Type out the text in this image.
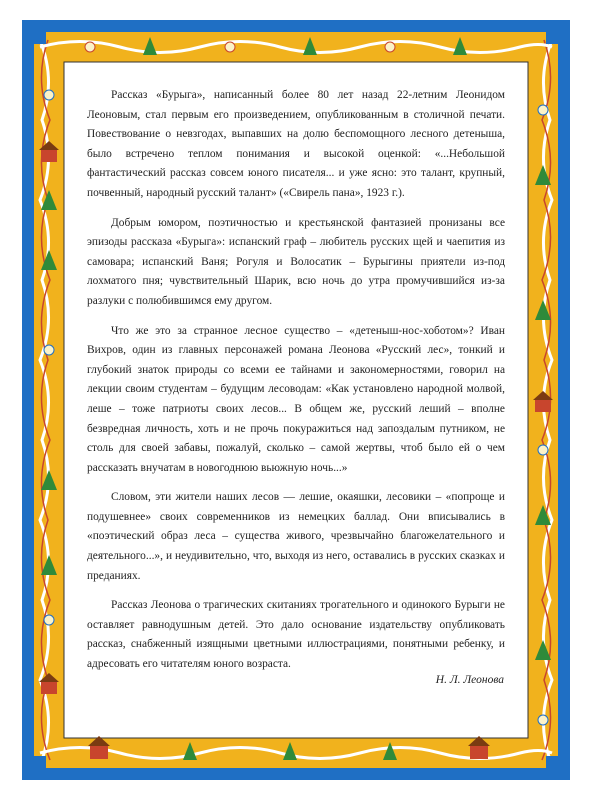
Рассказ «Бурыга», написанный более 80 лет назад 22-летним Леонидом Леоновым, стал первым его произведением, опубликованным в столичной печати. Повествование о невзгодах, выпавших на долю беспомощного лесного детеныша, было встречено теплом понимания и высокой оценкой: «...Небольшой фантастический рассказ совсем юного писателя... и уже ясно: это талант, крупный, почвенный, народный русский талант» («Свирель пана», 1923 г.).

Добрым юмором, поэтичностью и крестьянской фантазией пронизаны все эпизоды рассказа «Бурыга»: испанский граф – любитель русских щей и чаепития из самовара; испанский Ваня; Рогуля и Волосатик – Бурыгины приятели из-под лохматого пня; чувствительный Шарик, всю ночь до утра промучившийся из-за разлуки с полюбившимся ему другом.

Что же это за странное лесное существо – «детеныш-нос-хоботом»? Иван Вихров, один из главных персонажей романа Леонова «Русский лес», тонкий и глубокий знаток природы со всеми ее тайнами и закономерностями, говорил на лекции своим студентам – будущим лесоводам: «Как установлено народной молвой, леше – тоже патриоты своих лесов... В общем же, русский леший – вполне безвредная личность, хоть и не прочь покуражиться над запоздалым путником, не столь для своей забавы, пожалуй, сколько – самой жертвы, чтоб было ей о чем рассказать внучатам в новогоднюю вьюжную ночь...»

Словом, эти жители наших лесов — лешие, окаяшки, лесовики – «попроще и подушевнее» своих современников из немецких баллад. Они вписывались в «поэтический образ леса – существа живого, чрезвычайно благожелательного и деятельного...», и неудивительно, что, выходя из него, оставались в русских сказках и преданиях.

Рассказ Леонова о трагических скитаниях трогательного и одинокого Бурыги не оставляет равнодушным детей. Это дало основание издательству опубликовать рассказ, снабженный изящными цветными иллюстрациями, понятными ребенку, и адресовать его читателям юного возраста.

Н. Л. Леонова
